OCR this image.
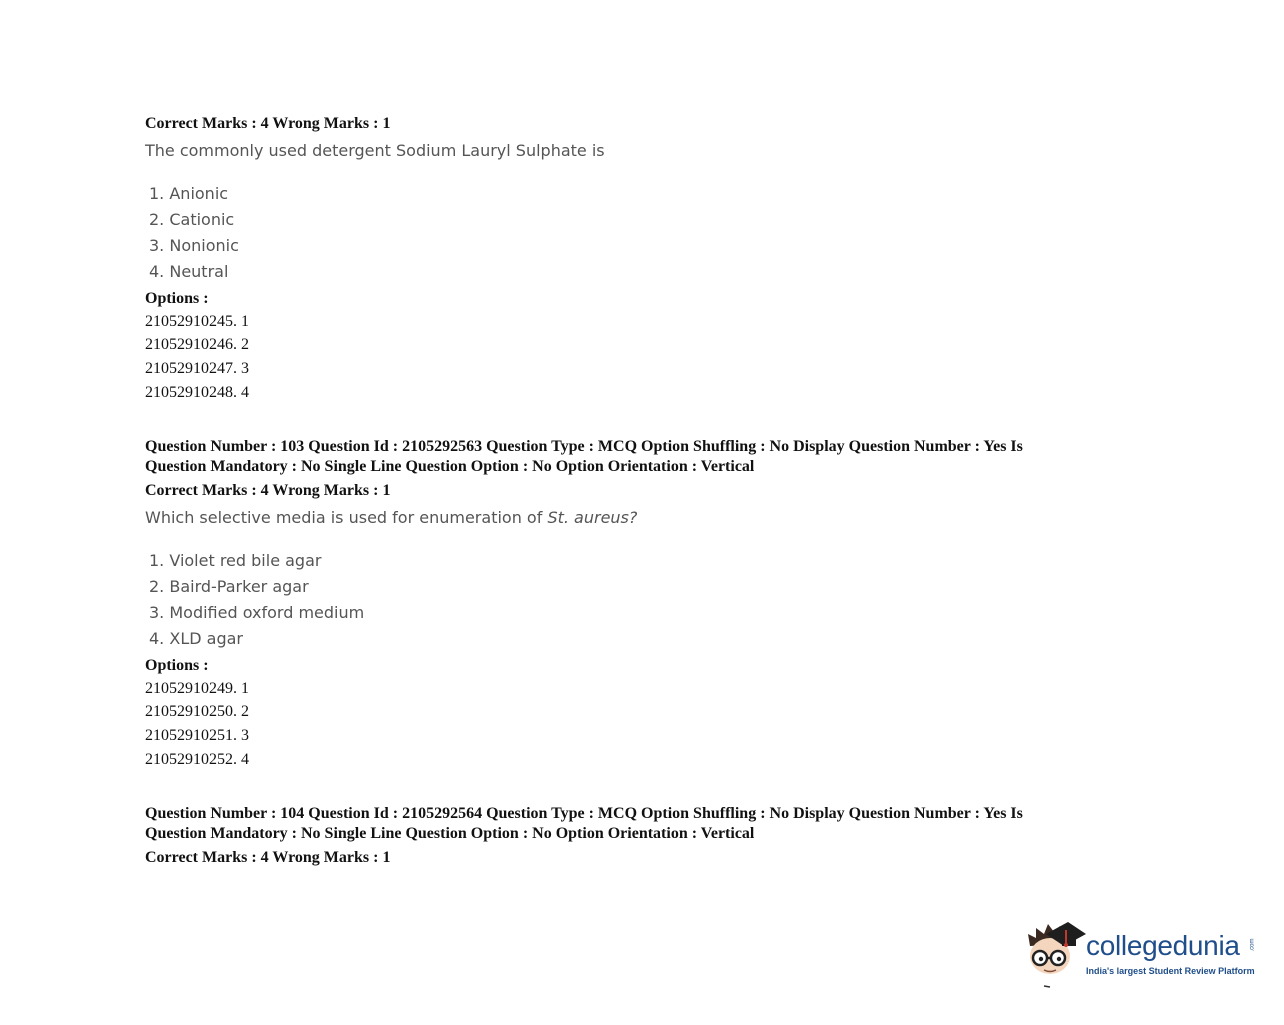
Correct Marks : 4 Wrong Marks : 1
The commonly used detergent Sodium Lauryl Sulphate is
1. Anionic
2. Cationic
3. Nonionic
4. Neutral
Options :
21052910245. 1
21052910246. 2
21052910247. 3
21052910248. 4
Question Number : 103 Question Id : 2105292563 Question Type : MCQ Option Shuffling : No Display Question Number : Yes Is
Question Mandatory : No Single Line Question Option : No Option Orientation : Vertical
Correct Marks : 4 Wrong Marks : 1
Which selective media is used for enumeration of St. aureus?
1. Violet red bile agar
2. Baird-Parker agar
3. Modified oxford medium
4. XLD agar
Options :
21052910249. 1
21052910250. 2
21052910251. 3
21052910252. 4
Question Number : 104 Question Id : 2105292564 Question Type : MCQ Option Shuffling : No Display Question Number : Yes Is
Question Mandatory : No Single Line Question Option : No Option Orientation : Vertical
Correct Marks : 4 Wrong Marks : 1
collegedunia .com
India's largest Student Review Platform
